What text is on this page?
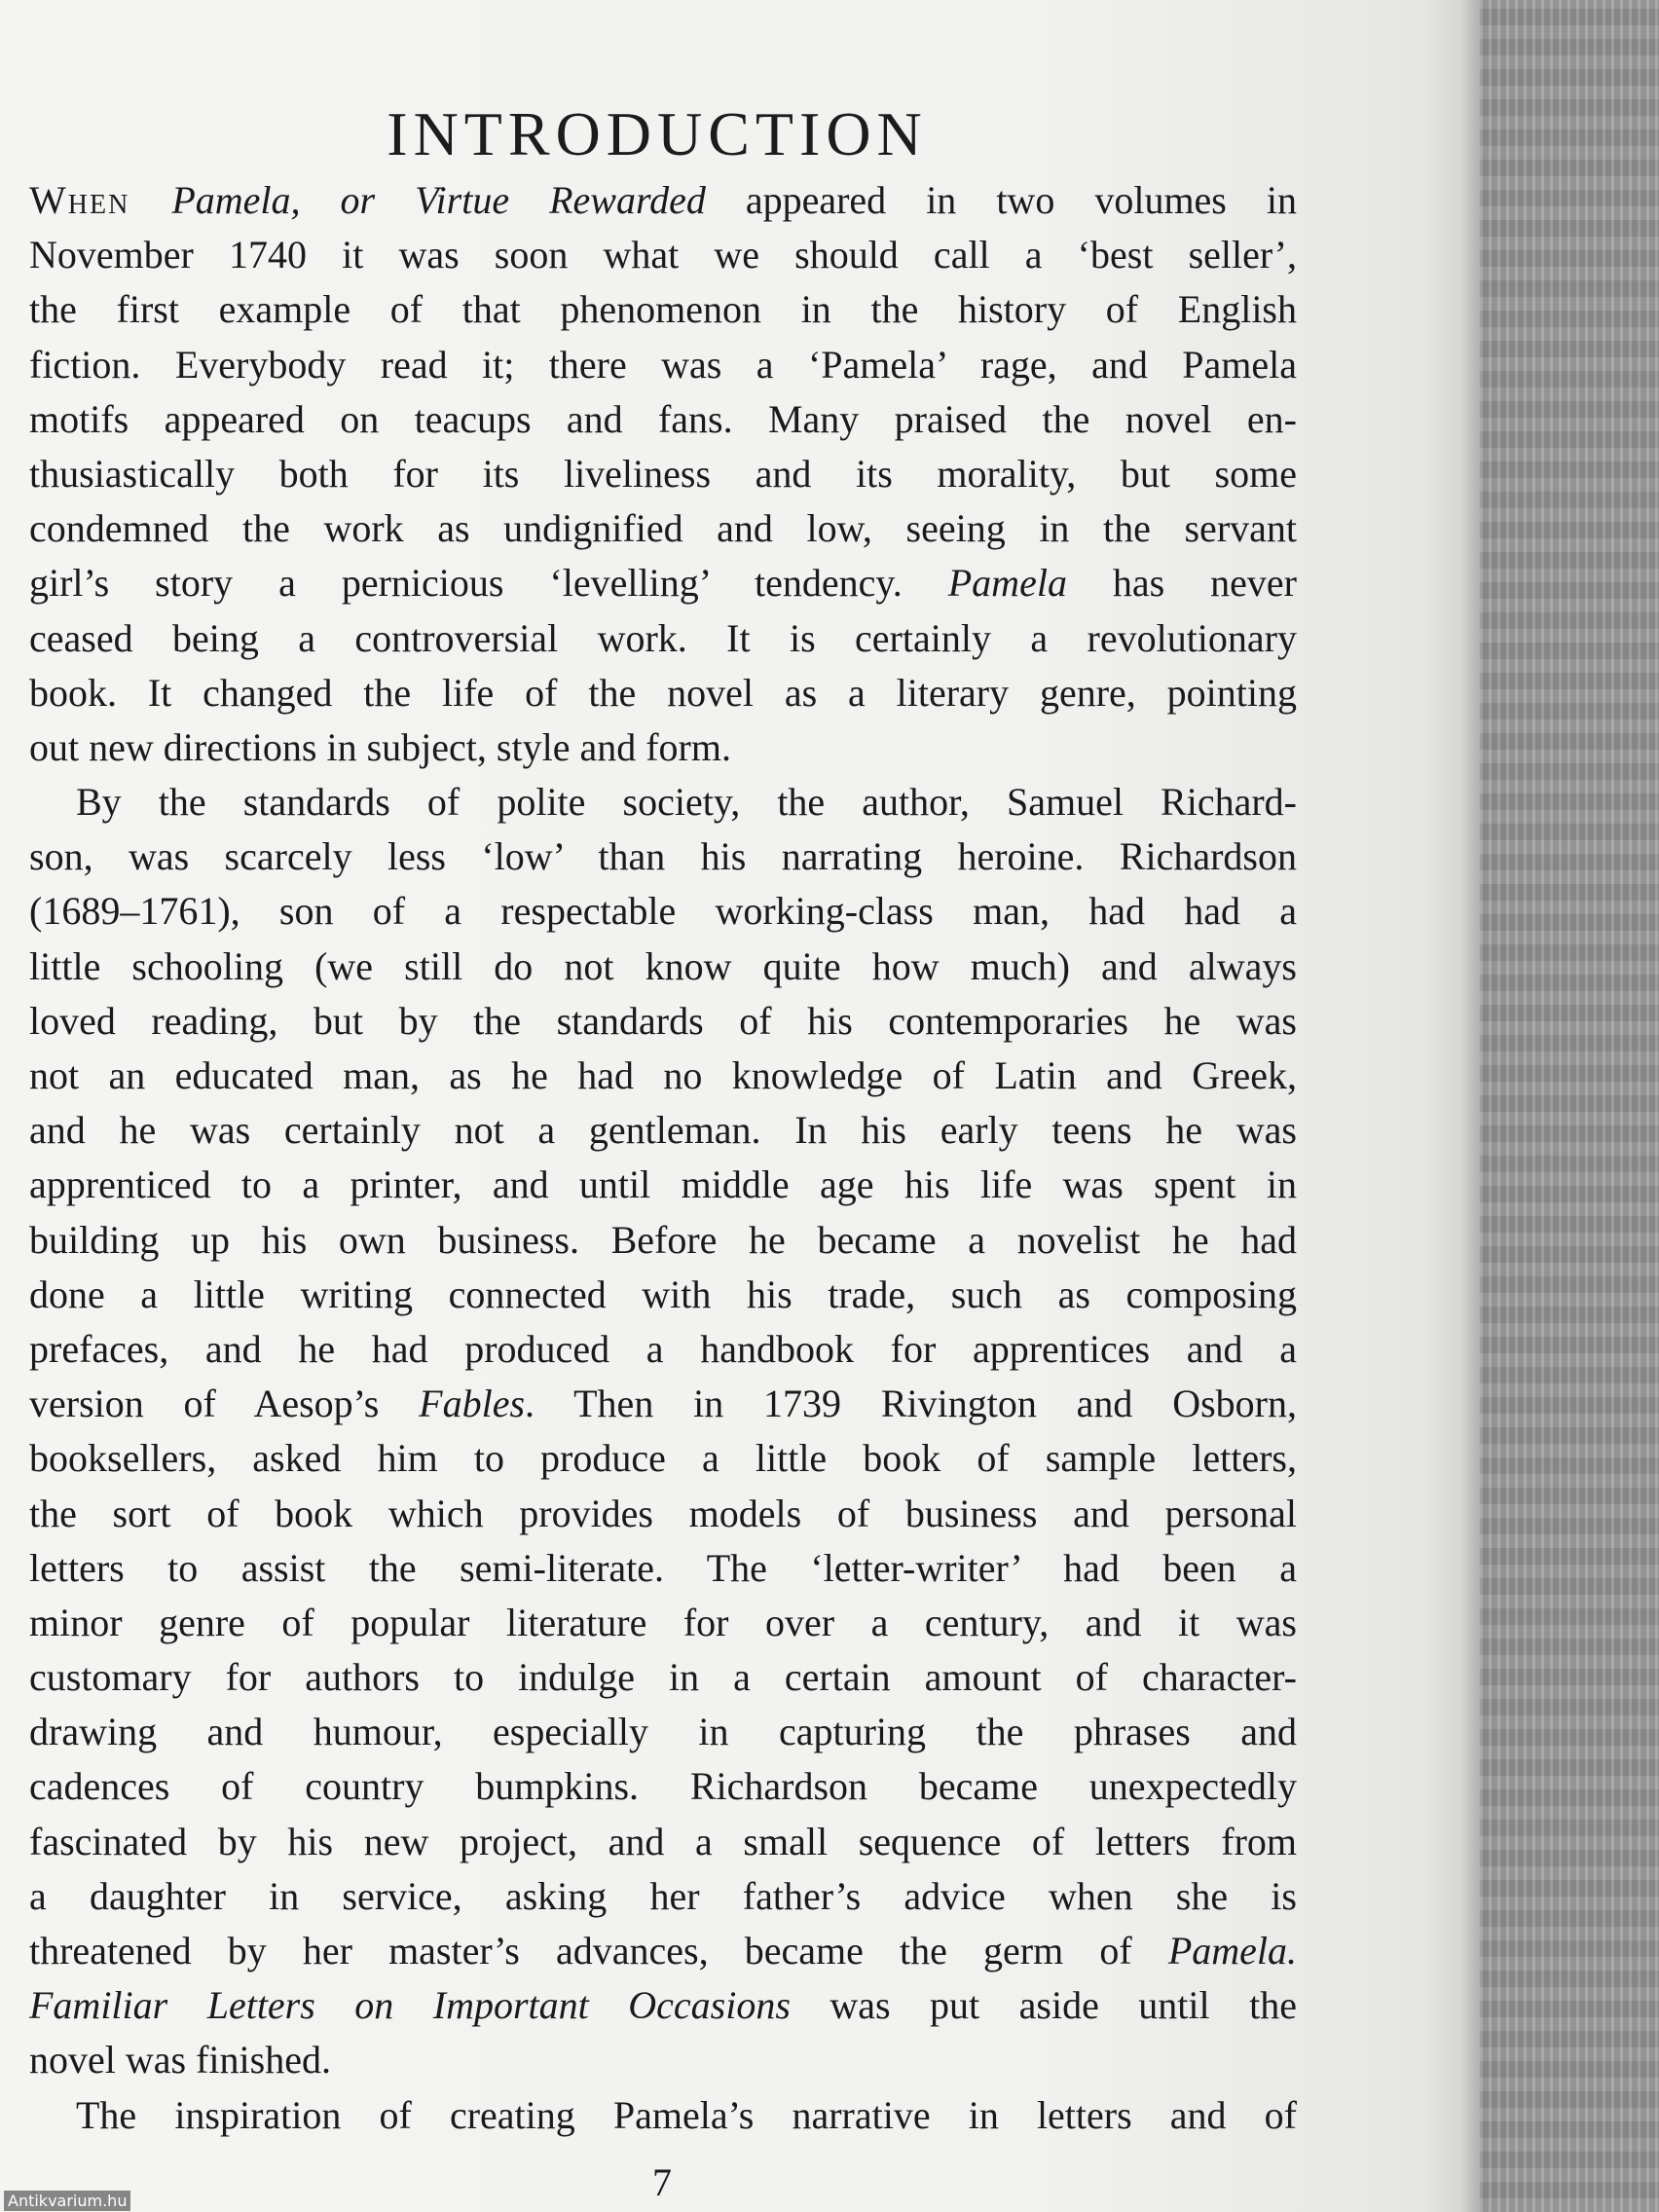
INTRODUCTION
When Pamela, or Virtue Rewarded appeared in two volumes in
November 1740 it was soon what we should call a ‘best seller’,
the first example of that phenomenon in the history of English
fiction. Everybody read it; there was a ‘Pamela’ rage, and Pamela
motifs appeared on teacups and fans. Many praised the novel en-
thusiastically both for its liveliness and its morality, but some
condemned the work as undignified and low, seeing in the servant
girl’s story a pernicious ‘levelling’ tendency. Pamela has never
ceased being a controversial work. It is certainly a revolutionary
book. It changed the life of the novel as a literary genre, pointing
out new directions in subject, style and form.
By the standards of polite society, the author, Samuel Richard-
son, was scarcely less ‘low’ than his narrating heroine. Richardson
(1689–1761), son of a respectable working-class man, had had a
little schooling (we still do not know quite how much) and always
loved reading, but by the standards of his contemporaries he was
not an educated man, as he had no knowledge of Latin and Greek,
and he was certainly not a gentleman. In his early teens he was
apprenticed to a printer, and until middle age his life was spent in
building up his own business. Before he became a novelist he had
done a little writing connected with his trade, such as composing
prefaces, and he had produced a handbook for apprentices and a
version of Aesop’s Fables. Then in 1739 Rivington and Osborn,
booksellers, asked him to produce a little book of sample letters,
the sort of book which provides models of business and personal
letters to assist the semi-literate. The ‘letter-writer’ had been a
minor genre of popular literature for over a century, and it was
customary for authors to indulge in a certain amount of character-
drawing and humour, especially in capturing the phrases and
cadences of country bumpkins. Richardson became unexpectedly
fascinated by his new project, and a small sequence of letters from
a daughter in service, asking her father’s advice when she is
threatened by her master’s advances, became the germ of Pamela.
Familiar Letters on Important Occasions was put aside until the
novel was finished.
The inspiration of creating Pamela’s narrative in letters and of
7
Antikvarium.hu
